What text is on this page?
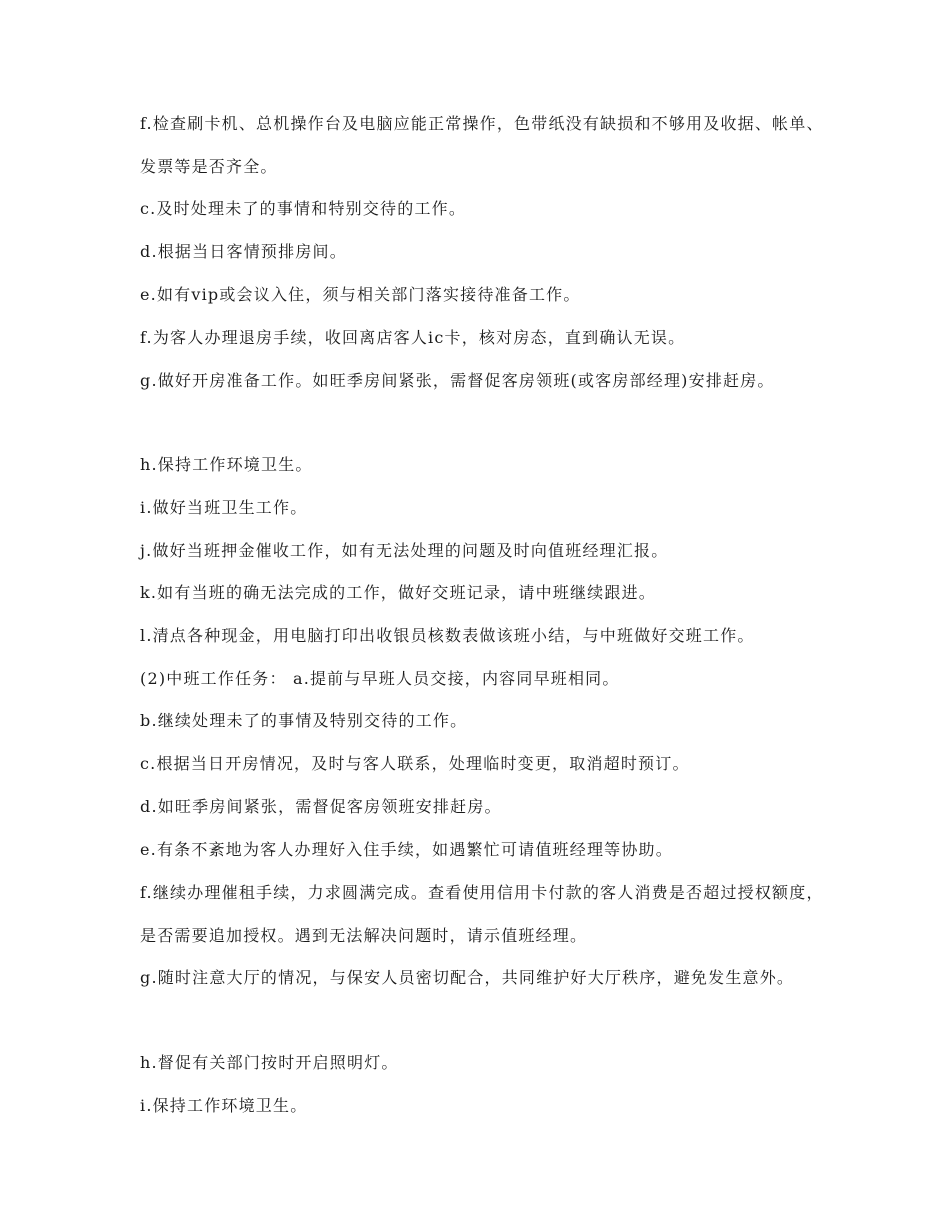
f.检查刷卡机、总机操作台及电脑应能正常操作，色带纸没有缺损和不够用及收据、帐单、发票等是否齐全。

c.及时处理未了的事情和特别交待的工作。

d.根据当日客情预排房间。

e.如有vip或会议入住，须与相关部门落实接待准备工作。

f.为客人办理退房手续，收回离店客人ic卡，核对房态，直到确认无误。

g.做好开房准备工作。如旺季房间紧张，需督促客房领班(或客房部经理)安排赶房。

h.保持工作环境卫生。

i.做好当班卫生工作。

j.做好当班押金催收工作，如有无法处理的问题及时向值班经理汇报。

k.如有当班的确无法完成的工作，做好交班记录，请中班继续跟进。

l.清点各种现金，用电脑打印出收银员核数表做该班小结，与中班做好交班工作。

(2)中班工作任务： a.提前与早班人员交接，内容同早班相同。

b.继续处理未了的事情及特别交待的工作。

c.根据当日开房情况，及时与客人联系，处理临时变更，取消超时预订。

d.如旺季房间紧张，需督促客房领班安排赶房。

e.有条不紊地为客人办理好入住手续，如遇繁忙可请值班经理等协助。

f.继续办理催租手续，力求圆满完成。查看使用信用卡付款的客人消费是否超过授权额度，是否需要追加授权。遇到无法解决问题时，请示值班经理。

g.随时注意大厅的情况，与保安人员密切配合，共同维护好大厅秩序，避免发生意外。

h.督促有关部门按时开启照明灯。

i.保持工作环境卫生。
